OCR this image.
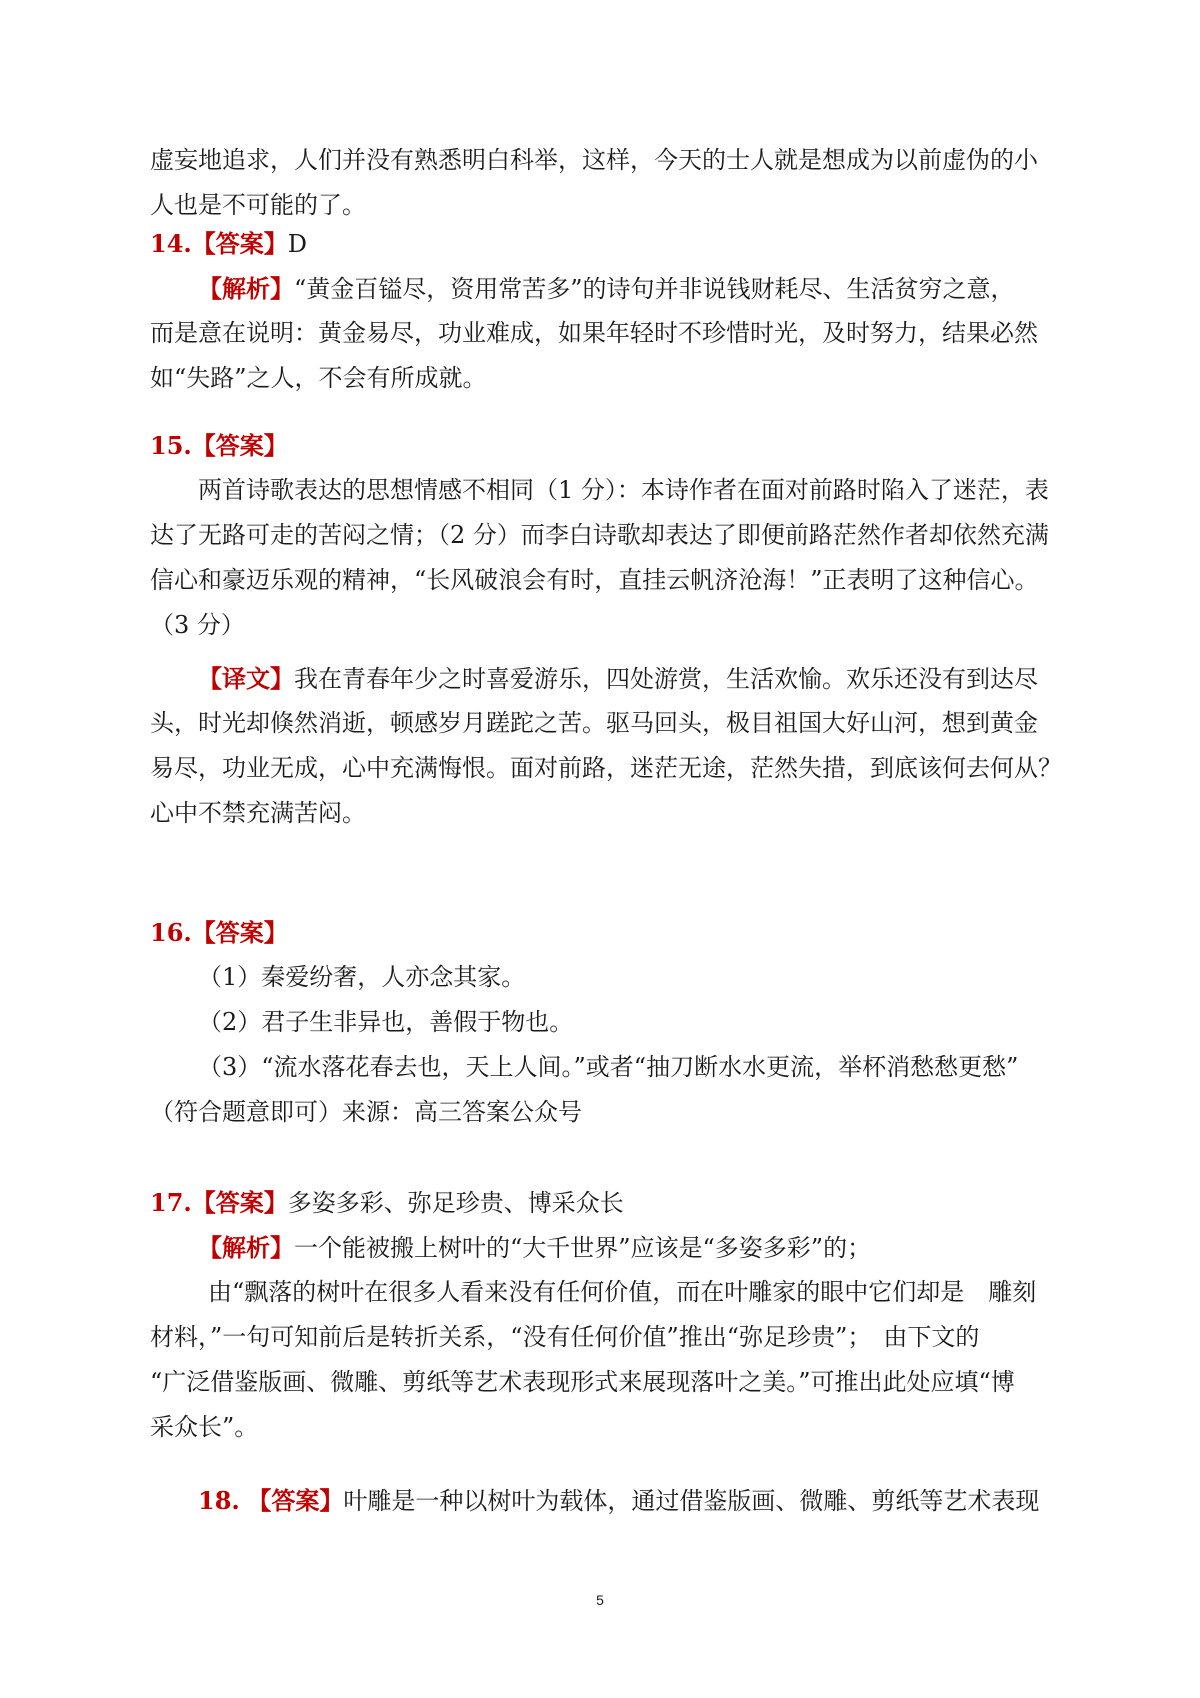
虚妄地追求，人们并没有熟悉明白科举，这样，今天的士人就是想成为以前虚伪的小
人也是不可能的了。
14.【答案】D
【解析】“黄金百镒尽，资用常苦多”的诗句并非说钱财耗尽、生活贫穷之意，
而是意在说明：黄金易尽，功业难成，如果年轻时不珍惜时光，及时努力，结果必然
如“失路”之人，不会有所成就。
15.【答案】
两首诗歌表达的思想情感不相同（1 分）：本诗作者在面对前路时陷入了迷茫，表
达了无路可走的苦闷之情；（2 分）而李白诗歌却表达了即便前路茫然作者却依然充满
信心和豪迈乐观的精神，“长风破浪会有时，直挂云帆济沧海！”正表明了这种信心。
（3 分）
【译文】我在青春年少之时喜爱游乐，四处游赏，生活欢愉。欢乐还没有到达尽
头，时光却倏然消逝，顿感岁月蹉跎之苦。驱马回头，极目祖国大好山河，想到黄金
易尽，功业无成，心中充满悔恨。面对前路，迷茫无途，茫然失措，到底该何去何从？
心中不禁充满苦闷。
16.【答案】
（1）秦爱纷奢，人亦念其家。
（2）君子生非异也，善假于物也。
（3）“流水落花春去也，天上人间。”或者“抽刀断水水更流，举杯消愁愁更愁”
（符合题意即可）来源：高三答案公众号
17.【答案】多姿多彩、弥足珍贵、博采众长
【解析】一个能被搬上树叶的“大千世界”应该是“多姿多彩”的；
由“飘落的树叶在很多人看来没有任何价值，而在叶雕家的眼中它们却是　雕刻
材料，”一句可知前后是转折关系，“没有任何价值”推出“弥足珍贵”；　由下文的
“广泛借鉴版画、微雕、剪纸等艺术表现形式来展现落叶之美。”可推出此处应填“博
采众长”。
18. 【答案】叶雕是一种以树叶为载体，通过借鉴版画、微雕、剪纸等艺术表现
5
